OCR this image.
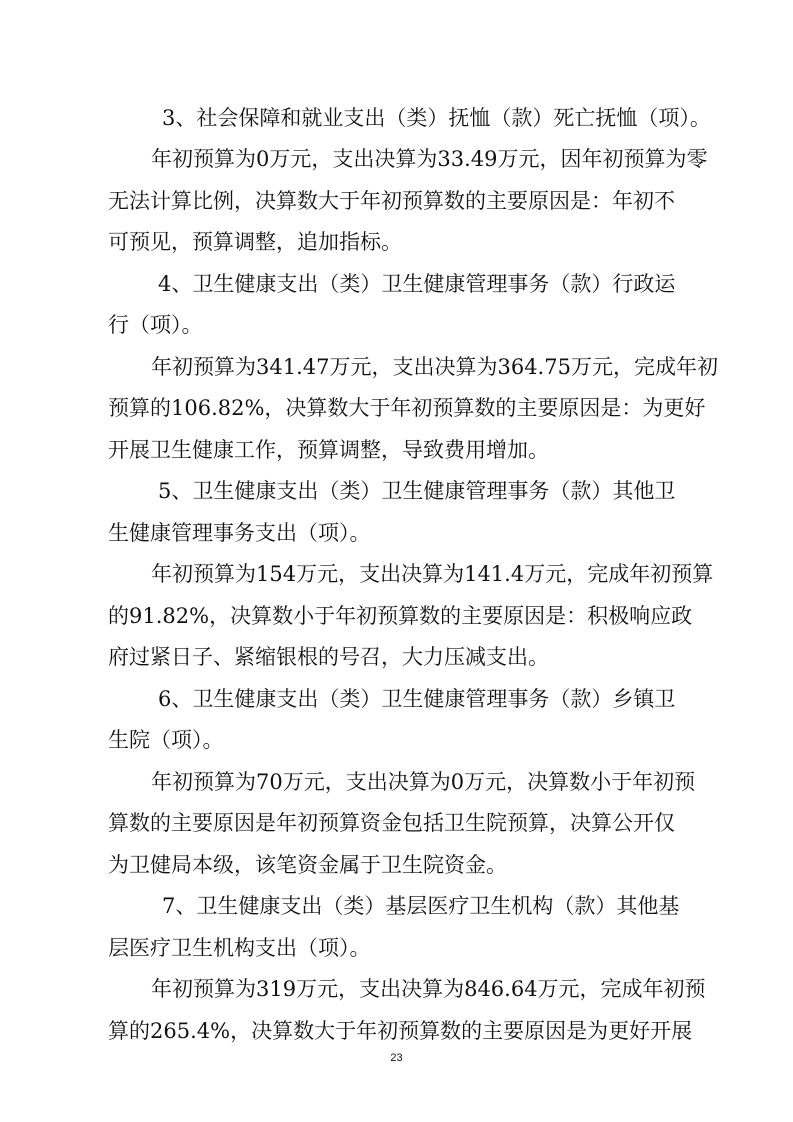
3、社会保障和就业支出（类）抚恤（款）死亡抚恤（项）。
年初预算为0万元，支出决算为33.49万元，因年初预算为零
无法计算比例，决算数大于年初预算数的主要原因是：年初不
可预见，预算调整，追加指标。
4、卫生健康支出（类）卫生健康管理事务（款）行政运
行（项）。
年初预算为341.47万元，支出决算为364.75万元，完成年初
预算的106.82%，决算数大于年初预算数的主要原因是：为更好
开展卫生健康工作，预算调整，导致费用增加。
5、卫生健康支出（类）卫生健康管理事务（款）其他卫
生健康管理事务支出（项）。
年初预算为154万元，支出决算为141.4万元，完成年初预算
的91.82%，决算数小于年初预算数的主要原因是：积极响应政
府过紧日子、紧缩银根的号召，大力压减支出。
6、卫生健康支出（类）卫生健康管理事务（款）乡镇卫
生院（项）。
年初预算为70万元，支出决算为0万元，决算数小于年初预
算数的主要原因是年初预算资金包括卫生院预算，决算公开仅
为卫健局本级，该笔资金属于卫生院资金。
7、卫生健康支出（类）基层医疗卫生机构（款）其他基
层医疗卫生机构支出（项）。
年初预算为319万元，支出决算为846.64万元，完成年初预
算的265.4%，决算数大于年初预算数的主要原因是为更好开展
23
